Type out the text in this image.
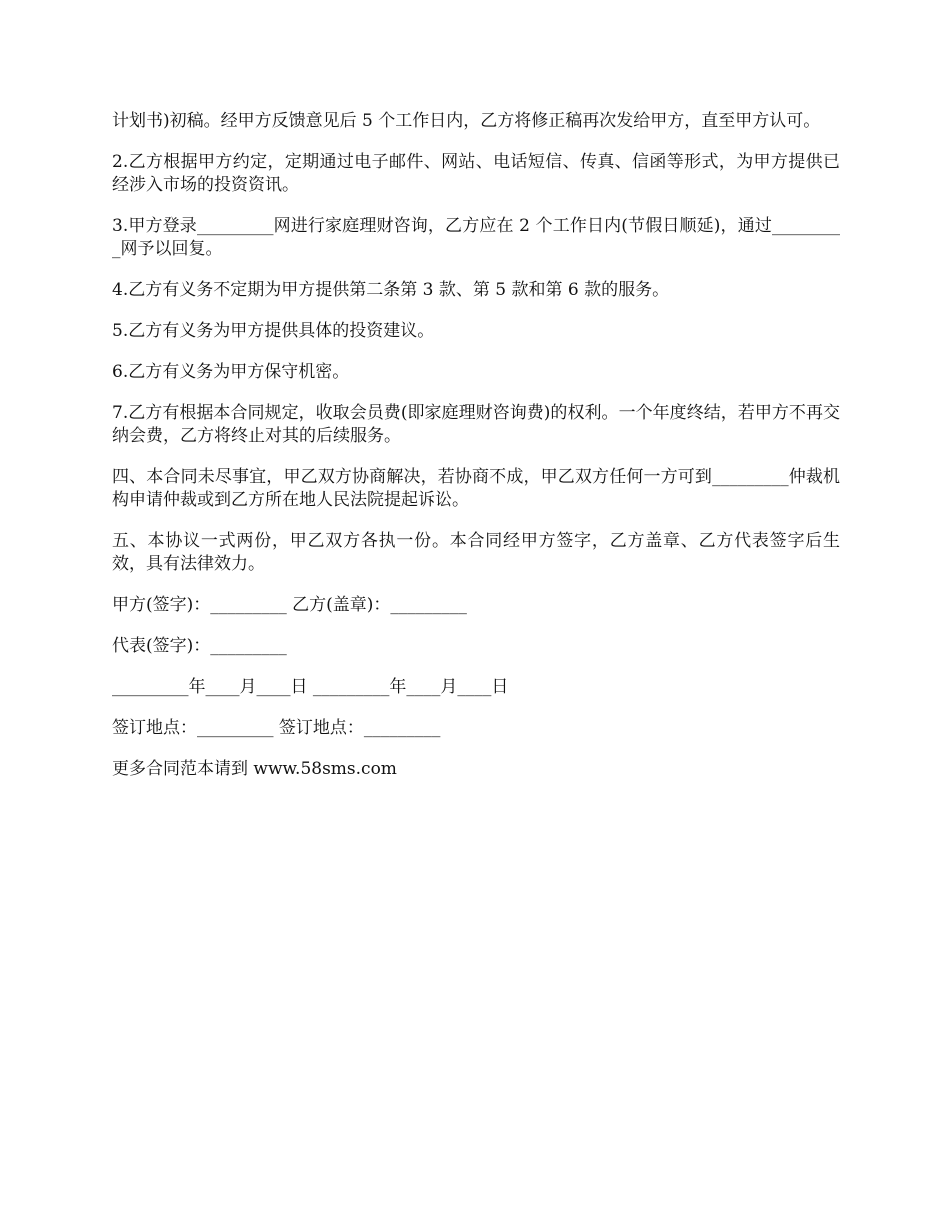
计划书)初稿。经甲方反馈意见后 5 个工作日内，乙方将修正稿再次发给甲方，直至甲方认可。

2.乙方根据甲方约定，定期通过电子邮件、网站、电话短信、传真、信函等形式，为甲方提供已经涉入市场的投资资讯。

3.甲方登录_________网进行家庭理财咨询，乙方应在 2 个工作日内(节假日顺延)，通过_________网予以回复。

4.乙方有义务不定期为甲方提供第二条第 3 款、第 5 款和第 6 款的服务。

5.乙方有义务为甲方提供具体的投资建议。

6.乙方有义务为甲方保守机密。

7.乙方有根据本合同规定，收取会员费(即家庭理财咨询费)的权利。一个年度终结，若甲方不再交纳会费，乙方将终止对其的后续服务。

四、本合同未尽事宜，甲乙双方协商解决，若协商不成，甲乙双方任何一方可到_________仲裁机构申请仲裁或到乙方所在地人民法院提起诉讼。

五、本协议一式两份，甲乙双方各执一份。本合同经甲方签字，乙方盖章、乙方代表签字后生效，具有法律效力。

甲方(签字)：_________ 乙方(盖章)：_________

代表(签字)：_________

_________年____月____日 _________年____月____日

签订地点：_________ 签订地点：_________

更多合同范本请到 www.58sms.com
